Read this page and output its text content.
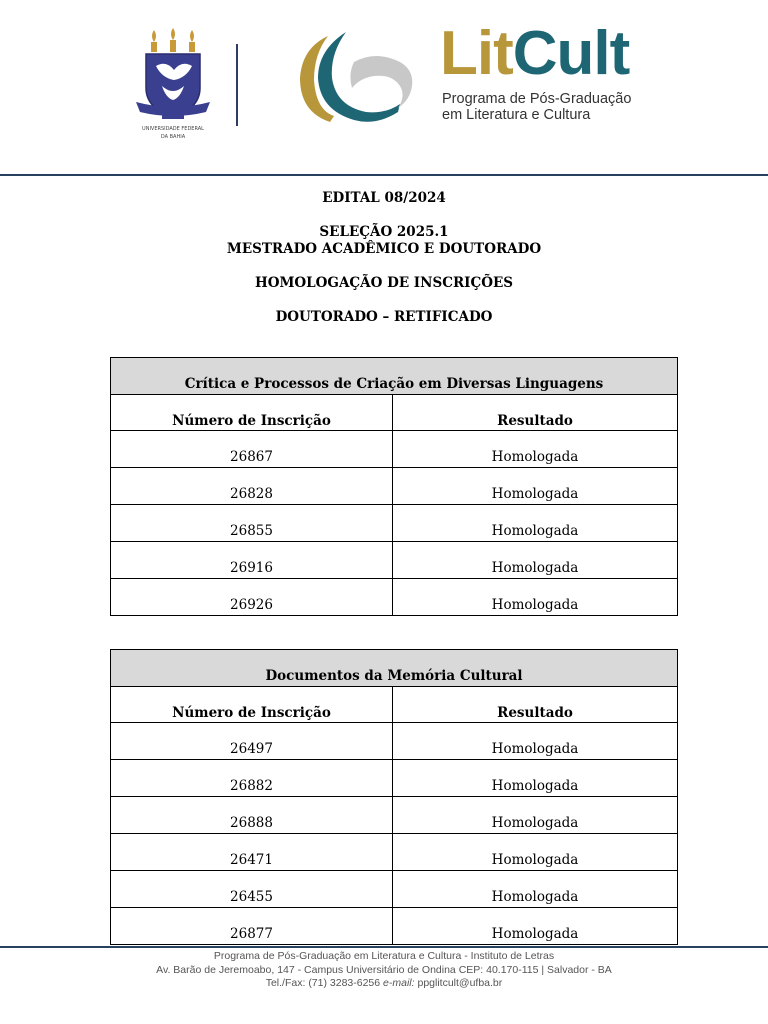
UNIVERSIDADE FEDERAL
DA BAHIA
LitCult
Programa de Pós-Graduação
em Literatura e Cultura
EDITAL 08/2024
SELEÇÃO 2025.1
MESTRADO ACADÊMICO E DOUTORADO
HOMOLOGAÇÃO DE INSCRIÇÕES
DOUTORADO – RETIFICADO
Crítica e Processos de Criação em Diversas Linguagens	
Número de Inscrição	Resultado
26867	Homologada
26828	Homologada
26855	Homologada
26916	Homologada
26926	Homologada
Documentos da Memória Cultural	
Número de Inscrição	Resultado
26497	Homologada
26882	Homologada
26888	Homologada
26471	Homologada
26455	Homologada
26877	Homologada
Programa de Pós-Graduação em Literatura e Cultura - Instituto de Letras
Av. Barão de Jeremoabo, 147 - Campus Universitário de Ondina CEP: 40.170-115 | Salvador - BA
Tel./Fax: (71) 3283-6256 e-mail: ppglitcult@ufba.br
